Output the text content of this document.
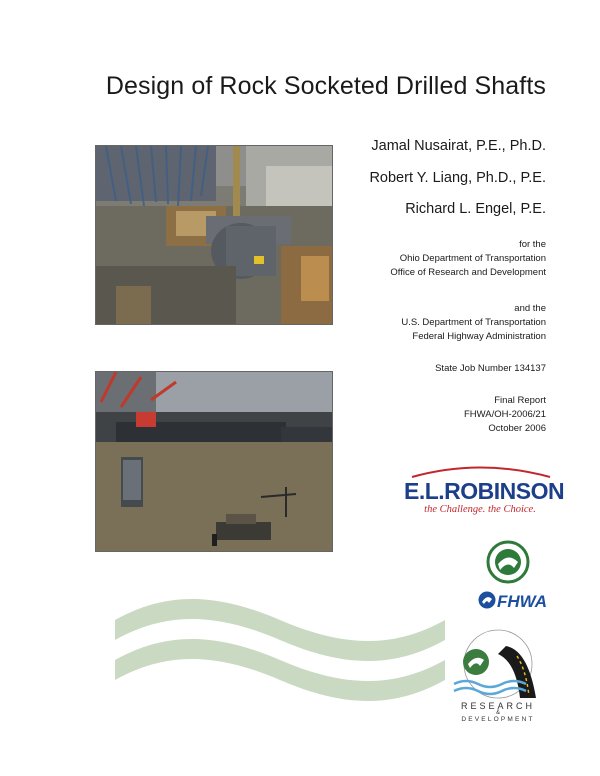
Design of Rock Socketed Drilled Shafts
Jamal Nusairat, P.E., Ph.D.
Robert Y. Liang, Ph.D., P.E.
Richard L. Engel, P.E.
for the
Ohio Department of Transportation
Office of Research and Development
and the
U.S. Department of Transportation
Federal Highway Administration
State Job Number 134137
Final Report
FHWA/OH-2006/21
October 2006
E.L.ROBINSON
the Challenge. the Choice.
FHWA
RESEARCH
&
DEVELOPMENT
